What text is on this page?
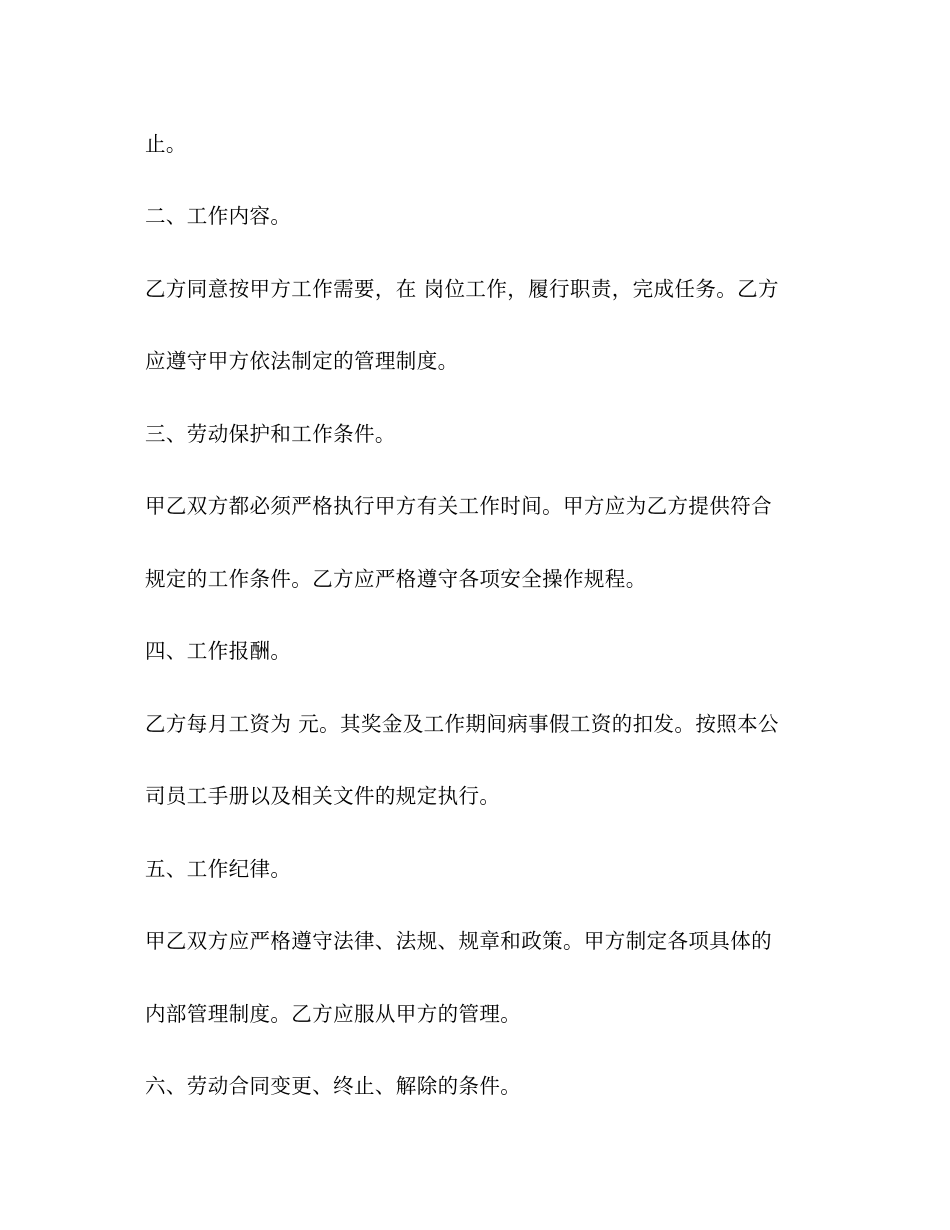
止。
二、工作内容。
乙方同意按甲方工作需要，在 岗位工作，履行职责，完成任务。乙方
应遵守甲方依法制定的管理制度。
三、劳动保护和工作条件。
甲乙双方都必须严格执行甲方有关工作时间。甲方应为乙方提供符合
规定的工作条件。乙方应严格遵守各项安全操作规程。
四、工作报酬。
乙方每月工资为 元。其奖金及工作期间病事假工资的扣发。按照本公
司员工手册以及相关文件的规定执行。
五、工作纪律。
甲乙双方应严格遵守法律、法规、规章和政策。甲方制定各项具体的
内部管理制度。乙方应服从甲方的管理。
六、劳动合同变更、终止、解除的条件。
